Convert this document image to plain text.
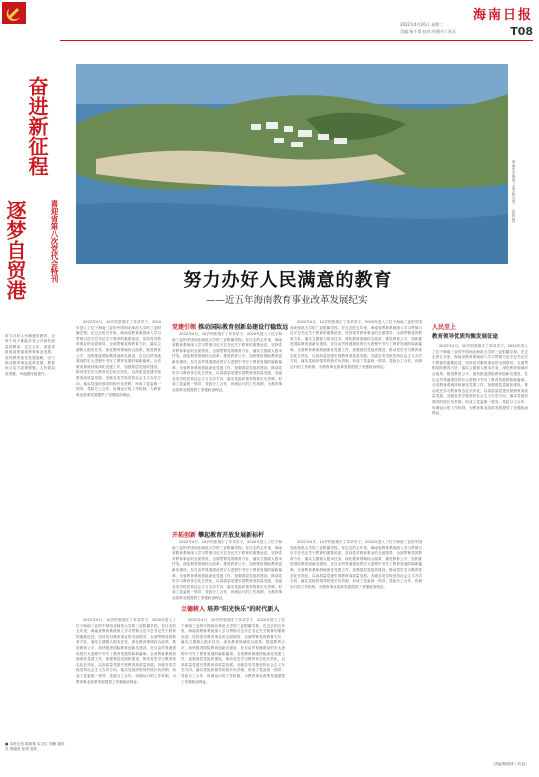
海南日报
2022年4月26日 星期二
美编:杨千琪 校对:叶健丹 / 张武	T08
奋进新征程
逐梦自贸港	喜迎省第八次党代会特刊
努力办好人民满意的教育，让每个孩子都能享有公平而有质量的教育。过去五年，省委省政府高度重视教育事业发展，坚持教育优先发展战略，全力推动教育事业改革发展，教育综合实力显著增强，人民群众获得感、幸福感持续提升。
■ 本报记者 陈蔚林 实习生 刘楠 通讯员 郑晓凤 张勇 曾欣
海南中学海南三亚学校全景。（资料图）
努力办好人民满意的教育
——近五年海南教育事业改革发展纪实
党建引领 推动国际教育创新岛建设行稳致远
开拓创新 攀起教育开放发展新标杆
立德树人 培养"阳光快乐"的时代新人
人民至上
教育领导优质均衡发展征途

2022年4月，10岁的张翔宇了莘莘学子，2020年进入了位于海南三亚的中国西北师范大学的三亚附属学校。在过去的五年里，海南省教育系统深入学习贯彻习近平总书记关于教育的重要论述，坚持党对教育事业的全面领导，全面贯彻党的教育方针，落实立德树人根本任务，深化教育领域综合改革，推进教育公平，加快推进国际教育创新岛建设，在自由贸易港建设的宏大进程中书写了教育发展的崭新篇章。全省教育系统持续深化党建工作，加强基层党组织建设，推动党史学习教育常态化长效化，以高质量党建引领教育高质量发展。各级各类学校坚持社会主义办学方向，落实党组织领导的校长负责制，形成了党委统一领导、党政分工合作、协调运行的工作机制，为教育事业改革发展提供了坚强政治保证。

2022年4月，10岁的张翔宇了莘莘学子，2020年进入了位于海南三亚的中国西北师范大学的三亚附属学校。在过去的五年里，海南省教育系统深入学习贯彻习近平总书记关于教育的重要论述，坚持党对教育事业的全面领导，全面贯彻党的教育方针，落实立德树人根本任务，深化教育领域综合改革，推进教育公平，加快推进国际教育创新岛建设，在自由贸易港建设的宏大进程中书写了教育发展的崭新篇章。全省教育系统持续深化党建工作，加强基层党组织建设，推动党史学习教育常态化长效化，以高质量党建引领教育高质量发展。各级各类学校坚持社会主义办学方向，落实党组织领导的校长负责制，形成了党委统一领导、党政分工合作、协调运行的工作机制，为教育事业改革发展提供了坚强政治保证。

2022年4月，10岁的张翔宇了莘莘学子，2020年进入了位于海南三亚的中国西北师范大学的三亚附属学校。在过去的五年里，海南省教育系统深入学习贯彻习近平总书记关于教育的重要论述，坚持党对教育事业的全面领导，全面贯彻党的教育方针，落实立德树人根本任务，深化教育领域综合改革，推进教育公平，加快推进国际教育创新岛建设，在自由贸易港建设的宏大进程中书写了教育发展的崭新篇章。全省教育系统持续深化党建工作，加强基层党组织建设，推动党史学习教育常态化长效化，以高质量党建引领教育高质量发展。各级各类学校坚持社会主义办学方向，落实党组织领导的校长负责制，形成了党委统一领导、党政分工合作、协调运行的工作机制，为教育事业改革发展提供了坚强政治保证。

2022年4月，10岁的张翔宇了莘莘学子，2020年进入了位于海南三亚的中国西北师范大学的三亚附属学校。在过去的五年里，海南省教育系统深入学习贯彻习近平总书记关于教育的重要论述，坚持党对教育事业的全面领导，全面贯彻党的教育方针，落实立德树人根本任务，深化教育领域综合改革，推进教育公平，加快推进国际教育创新岛建设，在自由贸易港建设的宏大进程中书写了教育发展的崭新篇章。全省教育系统持续深化党建工作，加强基层党组织建设，推动党史学习教育常态化长效化，以高质量党建引领教育高质量发展。各级各类学校坚持社会主义办学方向，落实党组织领导的校长负责制，形成了党委统一领导、党政分工合作、协调运行的工作机制，为教育事业改革发展提供了坚强政治保证。

2022年4月，10岁的张翔宇了莘莘学子，2020年进入了位于海南三亚的中国西北师范大学的三亚附属学校。在过去的五年里，海南省教育系统深入学习贯彻习近平总书记关于教育的重要论述，坚持党对教育事业的全面领导，全面贯彻党的教育方针，落实立德树人根本任务，深化教育领域综合改革，推进教育公平，加快推进国际教育创新岛建设，在自由贸易港建设的宏大进程中书写了教育发展的崭新篇章。全省教育系统持续深化党建工作，加强基层党组织建设，推动党史学习教育常态化长效化，以高质量党建引领教育高质量发展。各级各类学校坚持社会主义办学方向，落实党组织领导的校长负责制，形成了党委统一领导、党政分工合作、协调运行的工作机制，为教育事业改革发展提供了坚强政治保证。

2022年4月，10岁的张翔宇了莘莘学子，2020年进入了位于海南三亚的中国西北师范大学的三亚附属学校。在过去的五年里，海南省教育系统深入学习贯彻习近平总书记关于教育的重要论述，坚持党对教育事业的全面领导，全面贯彻党的教育方针，落实立德树人根本任务，深化教育领域综合改革，推进教育公平，加快推进国际教育创新岛建设，在自由贸易港建设的宏大进程中书写了教育发展的崭新篇章。全省教育系统持续深化党建工作，加强基层党组织建设，推动党史学习教育常态化长效化，以高质量党建引领教育高质量发展。各级各类学校坚持社会主义办学方向，落实党组织领导的校长负责制，形成了党委统一领导、党政分工合作、协调运行的工作机制，为教育事业改革发展提供了坚强政治保证。

2022年4月，10岁的张翔宇了莘莘学子，2020年进入了位于海南三亚的中国西北师范大学的三亚附属学校。在过去的五年里，海南省教育系统深入学习贯彻习近平总书记关于教育的重要论述，坚持党对教育事业的全面领导，全面贯彻党的教育方针，落实立德树人根本任务，深化教育领域综合改革，推进教育公平，加快推进国际教育创新岛建设，在自由贸易港建设的宏大进程中书写了教育发展的崭新篇章。全省教育系统持续深化党建工作，加强基层党组织建设，推动党史学习教育常态化长效化，以高质量党建引领教育高质量发展。各级各类学校坚持社会主义办学方向，落实党组织领导的校长负责制，形成了党委统一领导、党政分工合作、协调运行的工作机制，为教育事业改革发展提供了坚强政治保证。

2022年4月，10岁的张翔宇了莘莘学子，2020年进入了位于海南三亚的中国西北师范大学的三亚附属学校。在过去的五年里，海南省教育系统深入学习贯彻习近平总书记关于教育的重要论述，坚持党对教育事业的全面领导，全面贯彻党的教育方针，落实立德树人根本任务，深化教育领域综合改革，推进教育公平，加快推进国际教育创新岛建设，在自由贸易港建设的宏大进程中书写了教育发展的崭新篇章。全省教育系统持续深化党建工作，加强基层党组织建设，推动党史学习教育常态化长效化，以高质量党建引领教育高质量发展。各级各类学校坚持社会主义办学方向，落实党组织领导的校长负责制，形成了党委统一领导、党政分工合作、协调运行的工作机制，为教育事业改革发展提供了坚强政治保证。

（责编/陈蔚林 / 刘 赵）
